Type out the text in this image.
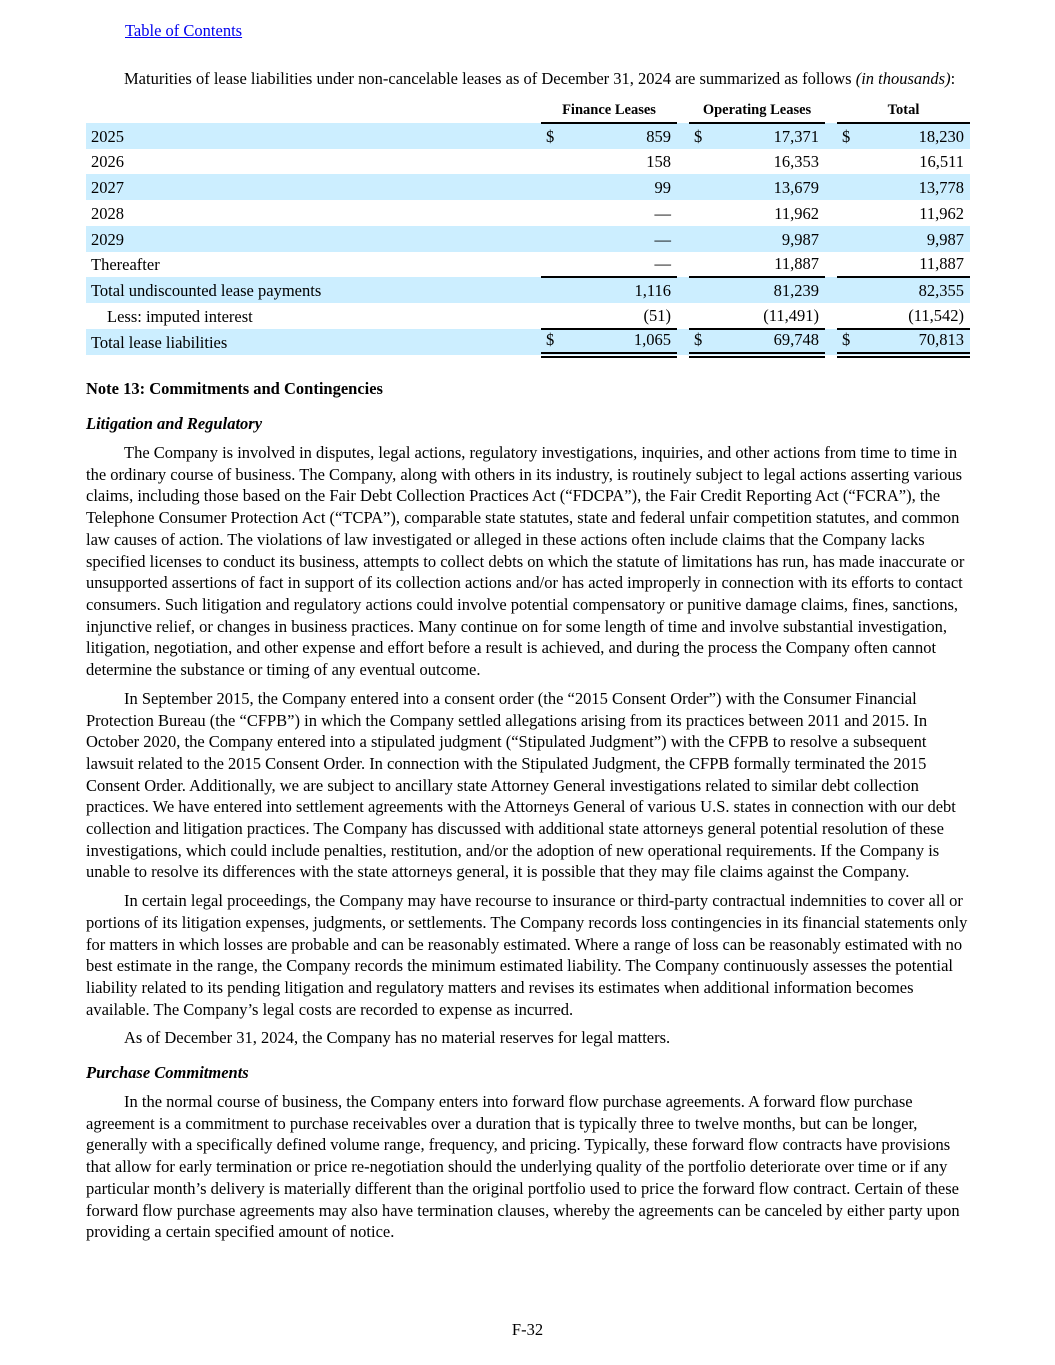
Table of Contents

Maturities of lease liabilities under non-cancelable leases as of December 31, 2024 are summarized as follows (in thousands):

	Finance Leases			Operating Leases			Total	
2025	$	859		$	17,371		$	18,230
2026		158			16,353			16,511
2027		99			13,679			13,778
2028		—			11,962			11,962
2029		—			9,987			9,987
Thereafter		—			11,887			11,887
Total undiscounted lease payments		1,116			81,239			82,355
Less: imputed interest		(51)			(11,491)			(11,542)
Total lease liabilities	$	1,065		$	69,748		$	70,813
Note 13: Commitments and Contingencies
Litigation and Regulatory

The Company is involved in disputes, legal actions, regulatory investigations, inquiries, and other actions from time to time in the ordinary course of business. The Company, along with others in its industry, is routinely subject to legal actions asserting various claims, including those based on the Fair Debt Collection Practices Act (“FDCPA”), the Fair Credit Reporting Act (“FCRA”), the Telephone Consumer Protection Act (“TCPA”), comparable state statutes, state and federal unfair competition statutes, and common law causes of action. The violations of law investigated or alleged in these actions often include claims that the Company lacks specified licenses to conduct its business, attempts to collect debts on which the statute of limitations has run, has made inaccurate or unsupported assertions of fact in support of its collection actions and/or has acted improperly in connection with its efforts to contact consumers. Such litigation and regulatory actions could involve potential compensatory or punitive damage claims, fines, sanctions, injunctive relief, or changes in business practices. Many continue on for some length of time and involve substantial investigation, litigation, negotiation, and other expense and effort before a result is achieved, and during the process the Company often cannot determine the substance or timing of any eventual outcome.

In September 2015, the Company entered into a consent order (the “2015 Consent Order”) with the Consumer Financial Protection Bureau (the “CFPB”) in which the Company settled allegations arising from its practices between 2011 and 2015. In October 2020, the Company entered into a stipulated judgment (“Stipulated Judgment”) with the CFPB to resolve a subsequent lawsuit related to the 2015 Consent Order. In connection with the Stipulated Judgment, the CFPB formally terminated the 2015 Consent Order. Additionally, we are subject to ancillary state Attorney General investigations related to similar debt collection practices. We have entered into settlement agreements with the Attorneys General of various U.S. states in connection with our debt collection and litigation practices. The Company has discussed with additional state attorneys general potential resolution of these investigations, which could include penalties, restitution, and/or the adoption of new operational requirements. If the Company is unable to resolve its differences with the state attorneys general, it is possible that they may file claims against the Company.

In certain legal proceedings, the Company may have recourse to insurance or third-party contractual indemnities to cover all or portions of its litigation expenses, judgments, or settlements. The Company records loss contingencies in its financial statements only for matters in which losses are probable and can be reasonably estimated. Where a range of loss can be reasonably estimated with no best estimate in the range, the Company records the minimum estimated liability. The Company continuously assesses the potential liability related to its pending litigation and regulatory matters and revises its estimates when additional information becomes available. The Company’s legal costs are recorded to expense as incurred.

As of December 31, 2024, the Company has no material reserves for legal matters.

Purchase Commitments

In the normal course of business, the Company enters into forward flow purchase agreements. A forward flow purchase agreement is a commitment to purchase receivables over a duration that is typically three to twelve months, but can be longer, generally with a specifically defined volume range, frequency, and pricing. Typically, these forward flow contracts have provisions that allow for early termination or price re-negotiation should the underlying quality of the portfolio deteriorate over time or if any particular month’s delivery is materially different than the original portfolio used to price the forward flow contract. Certain of these forward flow purchase agreements may also have termination clauses, whereby the agreements can be canceled by either party upon providing a certain specified amount of notice.

F-32
